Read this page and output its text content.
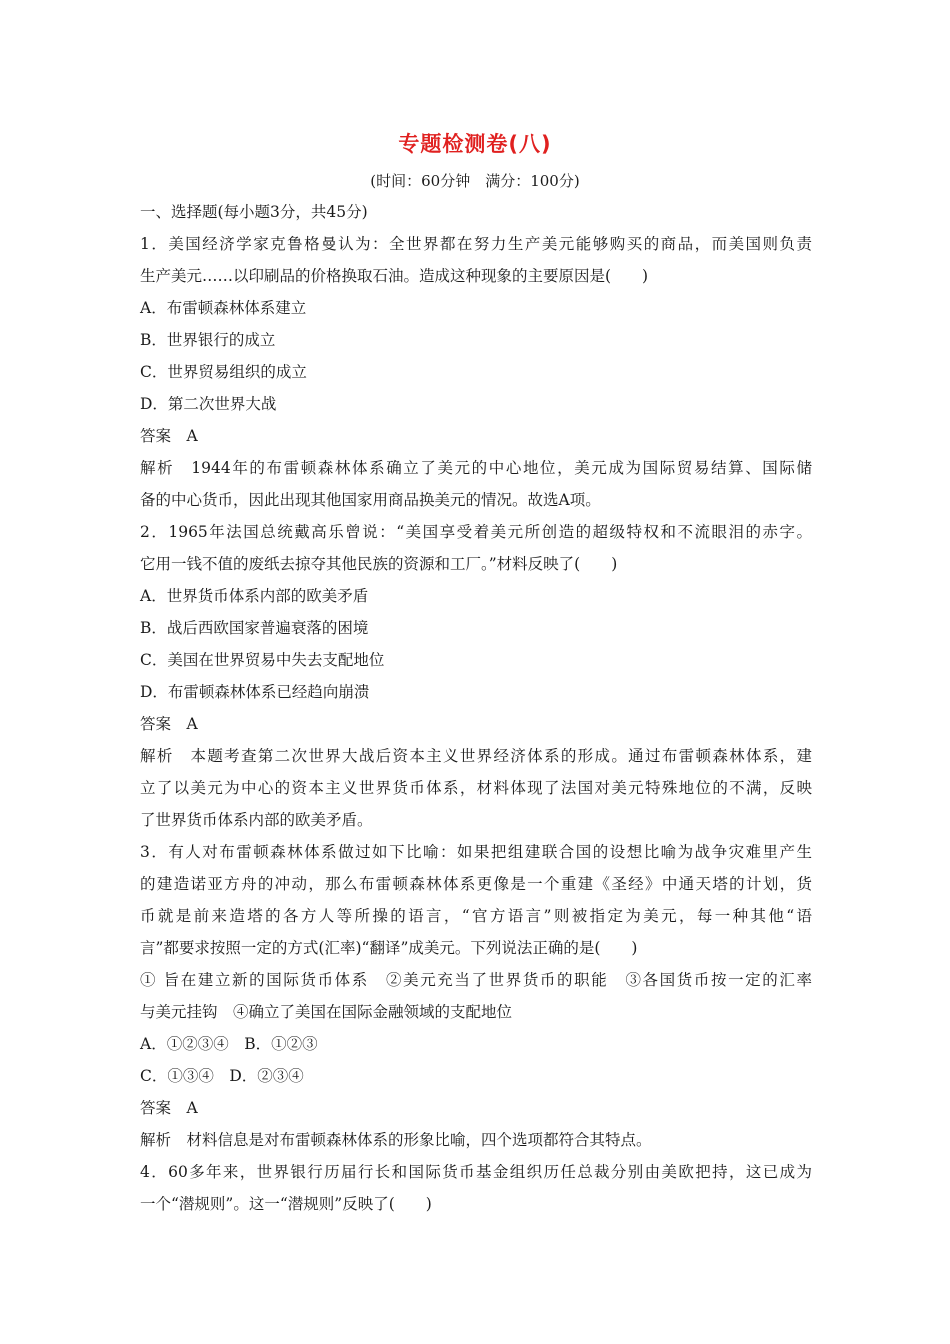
专题检测卷(八)
(时间：60分钟　满分：100分)
一、选择题(每小题3分，共45分)
1．美国经济学家克鲁格曼认为：全世界都在努力生产美元能够购买的商品，而美国则负责
生产美元……以印刷品的价格换取石油。造成这种现象的主要原因是(　　)
A．布雷顿森林体系建立
B．世界银行的成立
C．世界贸易组织的成立
D．第二次世界大战
答案　A
解析　1944年的布雷顿森林体系确立了美元的中心地位，美元成为国际贸易结算、国际储
备的中心货币，因此出现其他国家用商品换美元的情况。故选A项。
2．1965年法国总统戴高乐曾说：“美国享受着美元所创造的超级特权和不流眼泪的赤字。
它用一钱不值的废纸去掠夺其他民族的资源和工厂。”材料反映了(　　)
A．世界货币体系内部的欧美矛盾
B．战后西欧国家普遍衰落的困境
C．美国在世界贸易中失去支配地位
D．布雷顿森林体系已经趋向崩溃
答案　A
解析　本题考查第二次世界大战后资本主义世界经济体系的形成。通过布雷顿森林体系，建
立了以美元为中心的资本主义世界货币体系，材料体现了法国对美元特殊地位的不满，反映
了世界货币体系内部的欧美矛盾。
3．有人对布雷顿森林体系做过如下比喻：如果把组建联合国的设想比喻为战争灾难里产生
的建造诺亚方舟的冲动，那么布雷顿森林体系更像是一个重建《圣经》中通天塔的计划，货
币就是前来造塔的各方人等所操的语言，“官方语言”则被指定为美元，每一种其他“语
言”都要求按照一定的方式(汇率)“翻译”成美元。下列说法正确的是(　　)
① 旨在建立新的国际货币体系　②美元充当了世界货币的职能　③各国货币按一定的汇率
与美元挂钩　④确立了美国在国际金融领域的支配地位
A．①②③④　B．①②③
C．①③④　D．②③④
答案　A
解析　材料信息是对布雷顿森林体系的形象比喻，四个选项都符合其特点。
4．60多年来，世界银行历届行长和国际货币基金组织历任总裁分别由美欧把持，这已成为
一个“潜规则”。这一“潜规则”反映了(　　)
